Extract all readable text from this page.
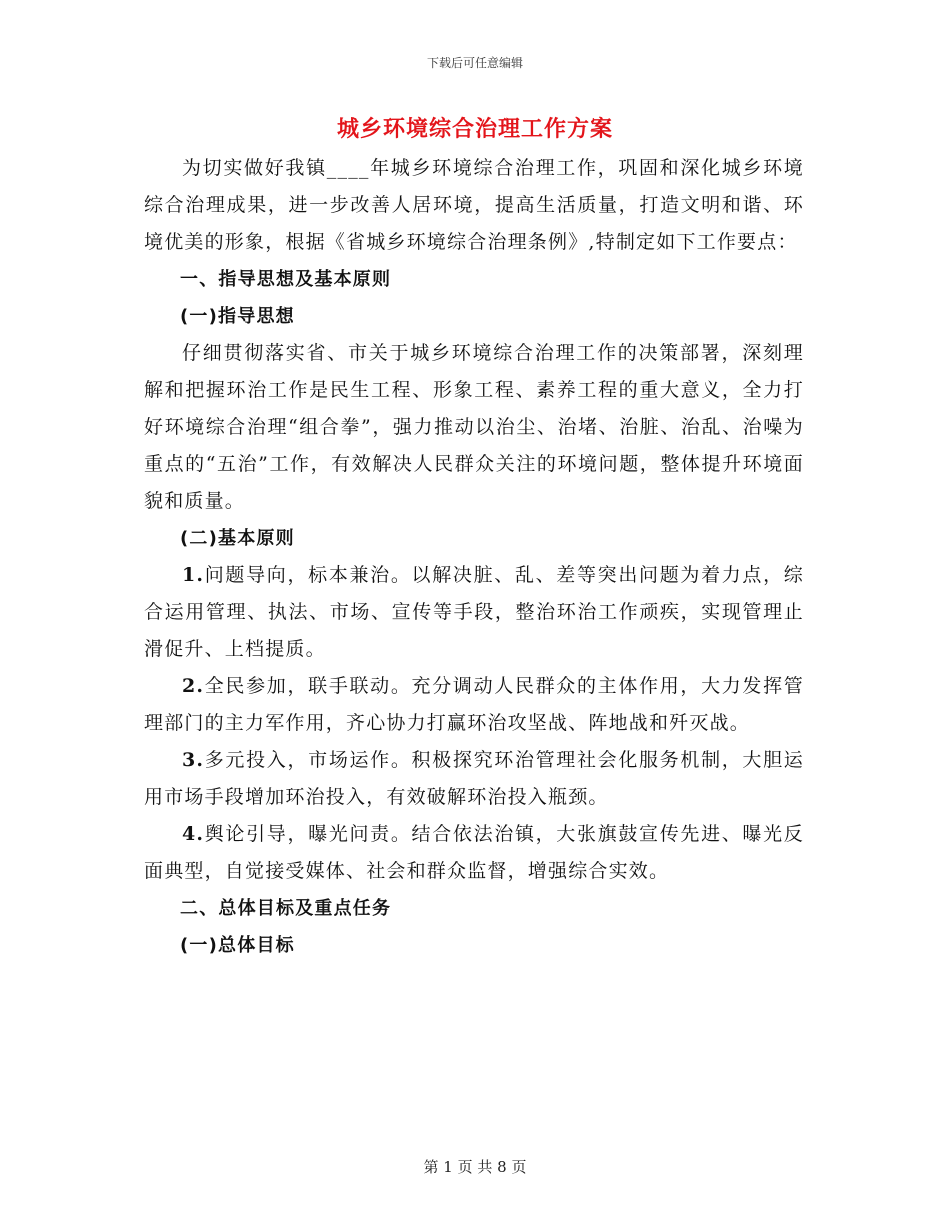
下载后可任意编辑
城乡环境综合治理工作方案

为切实做好我镇____年城乡环境综合治理工作，巩固和深化城乡环境综合治理成果，进一步改善人居环境，提高生活质量，打造文明和谐、环境优美的形象，根据《省城乡环境综合治理条例》,特制定如下工作要点：

一、指导思想及基本原则

(一)指导思想

仔细贯彻落实省、市关于城乡环境综合治理工作的决策部署，深刻理解和把握环治工作是民生工程、形象工程、素养工程的重大意义，全力打好环境综合治理“组合拳”，强力推动以治尘、治堵、治脏、治乱、治噪为重点的“五治”工作，有效解决人民群众关注的环境问题，整体提升环境面貌和质量。

(二)基本原则

1.问题导向，标本兼治。以解决脏、乱、差等突出问题为着力点，综合运用管理、执法、市场、宣传等手段，整治环治工作顽疾，实现管理止滑促升、上档提质。

2.全民参加，联手联动。充分调动人民群众的主体作用，大力发挥管理部门的主力军作用，齐心协力打赢环治攻坚战、阵地战和歼灭战。

3.多元投入，市场运作。积极探究环治管理社会化服务机制，大胆运用市场手段增加环治投入，有效破解环治投入瓶颈。

4.舆论引导，曝光问责。结合依法治镇，大张旗鼓宣传先进、曝光反面典型，自觉接受媒体、社会和群众监督，增强综合实效。

二、总体目标及重点任务

(一)总体目标

第 1 页 共 8 页
